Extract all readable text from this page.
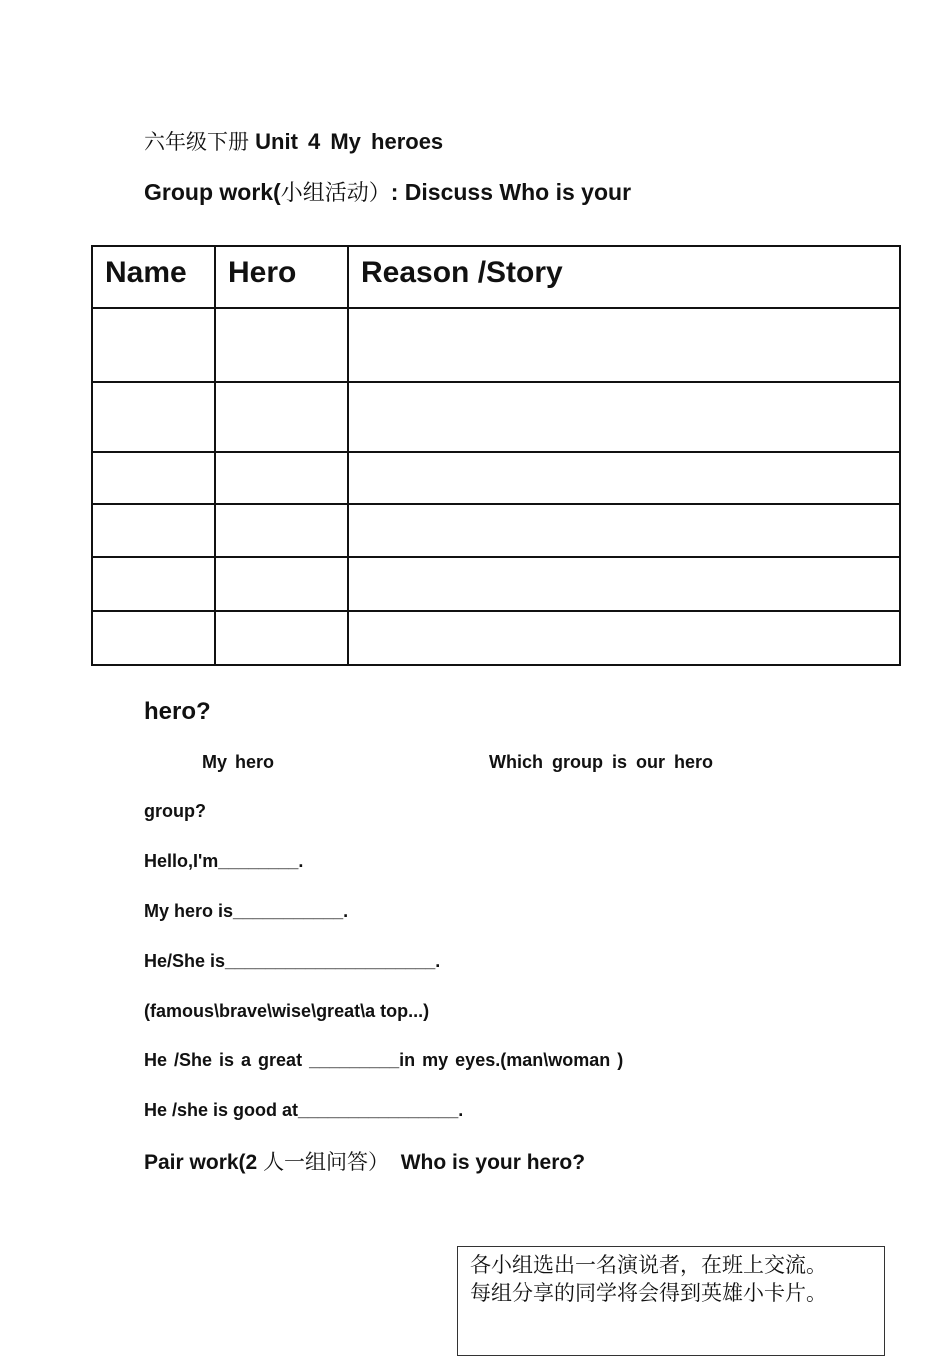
六年级下册 Unit 4 My heroes
Group work(小组活动）: Discuss Who is your
Name	Hero	Reason /Story

hero?
My hero	Which group is our hero
group?
Hello,I'm________.
My hero is___________.
He/She is_____________________.
(famous\brave\wise\great\a top...)
He /She is a great _________in my eyes.(man\woman )
He /she is good at________________.
Pair work(2 人一组问答） Who is your hero?
各小组选出一名演说者，在班上交流。
每组分享的同学将会得到英雄小卡片。
